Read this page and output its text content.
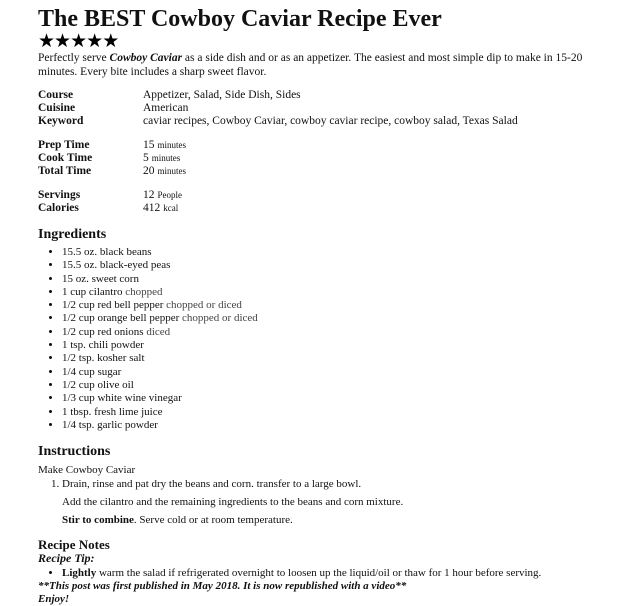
The BEST Cowboy Caviar Recipe Ever
★★★★★

Perfectly serve Cowboy Caviar as a side dish and or as an appetizer. The easiest and most simple dip to make in 15-20 minutes. Every bite includes a sharp sweet flavor.

Course	Appetizer, Salad, Side Dish, Sides
Cuisine	American
Keyword	caviar recipes, Cowboy Caviar, cowboy caviar recipe, cowboy salad, Texas Salad
Prep Time	15 minutes
Cook Time	5 minutes
Total Time	20 minutes
Servings	12 People
Calories	412 kcal
Ingredients
• 15.5 oz. black beans
• 15.5 oz. black-eyed peas
• 15 oz. sweet corn
• 1 cup cilantro chopped
• 1/2 cup red bell pepper chopped or diced
• 1/2 cup orange bell pepper chopped or diced
• 1/2 cup red onions diced
• 1 tsp. chili powder
• 1/2 tsp. kosher salt
• 1/4 cup sugar
• 1/2 cup olive oil
• 1/3 cup white wine vinegar
• 1 tbsp. fresh lime juice
• 1/4 tsp. garlic powder
Instructions
Make Cowboy Caviar
1. Drain, rinse and pat dry the beans and corn. transfer to a large bowl.
Add the cilantro and the remaining ingredients to the beans and corn mixture.
Stir to combine. Serve cold or at room temperature.
Recipe Notes
Recipe Tip:
• Lightly warm the salad if refrigerated overnight to loosen up the liquid/oil or thaw for 1 hour before serving.
**This post was first published in May 2018. It is now republished with a video**
Enjoy!
